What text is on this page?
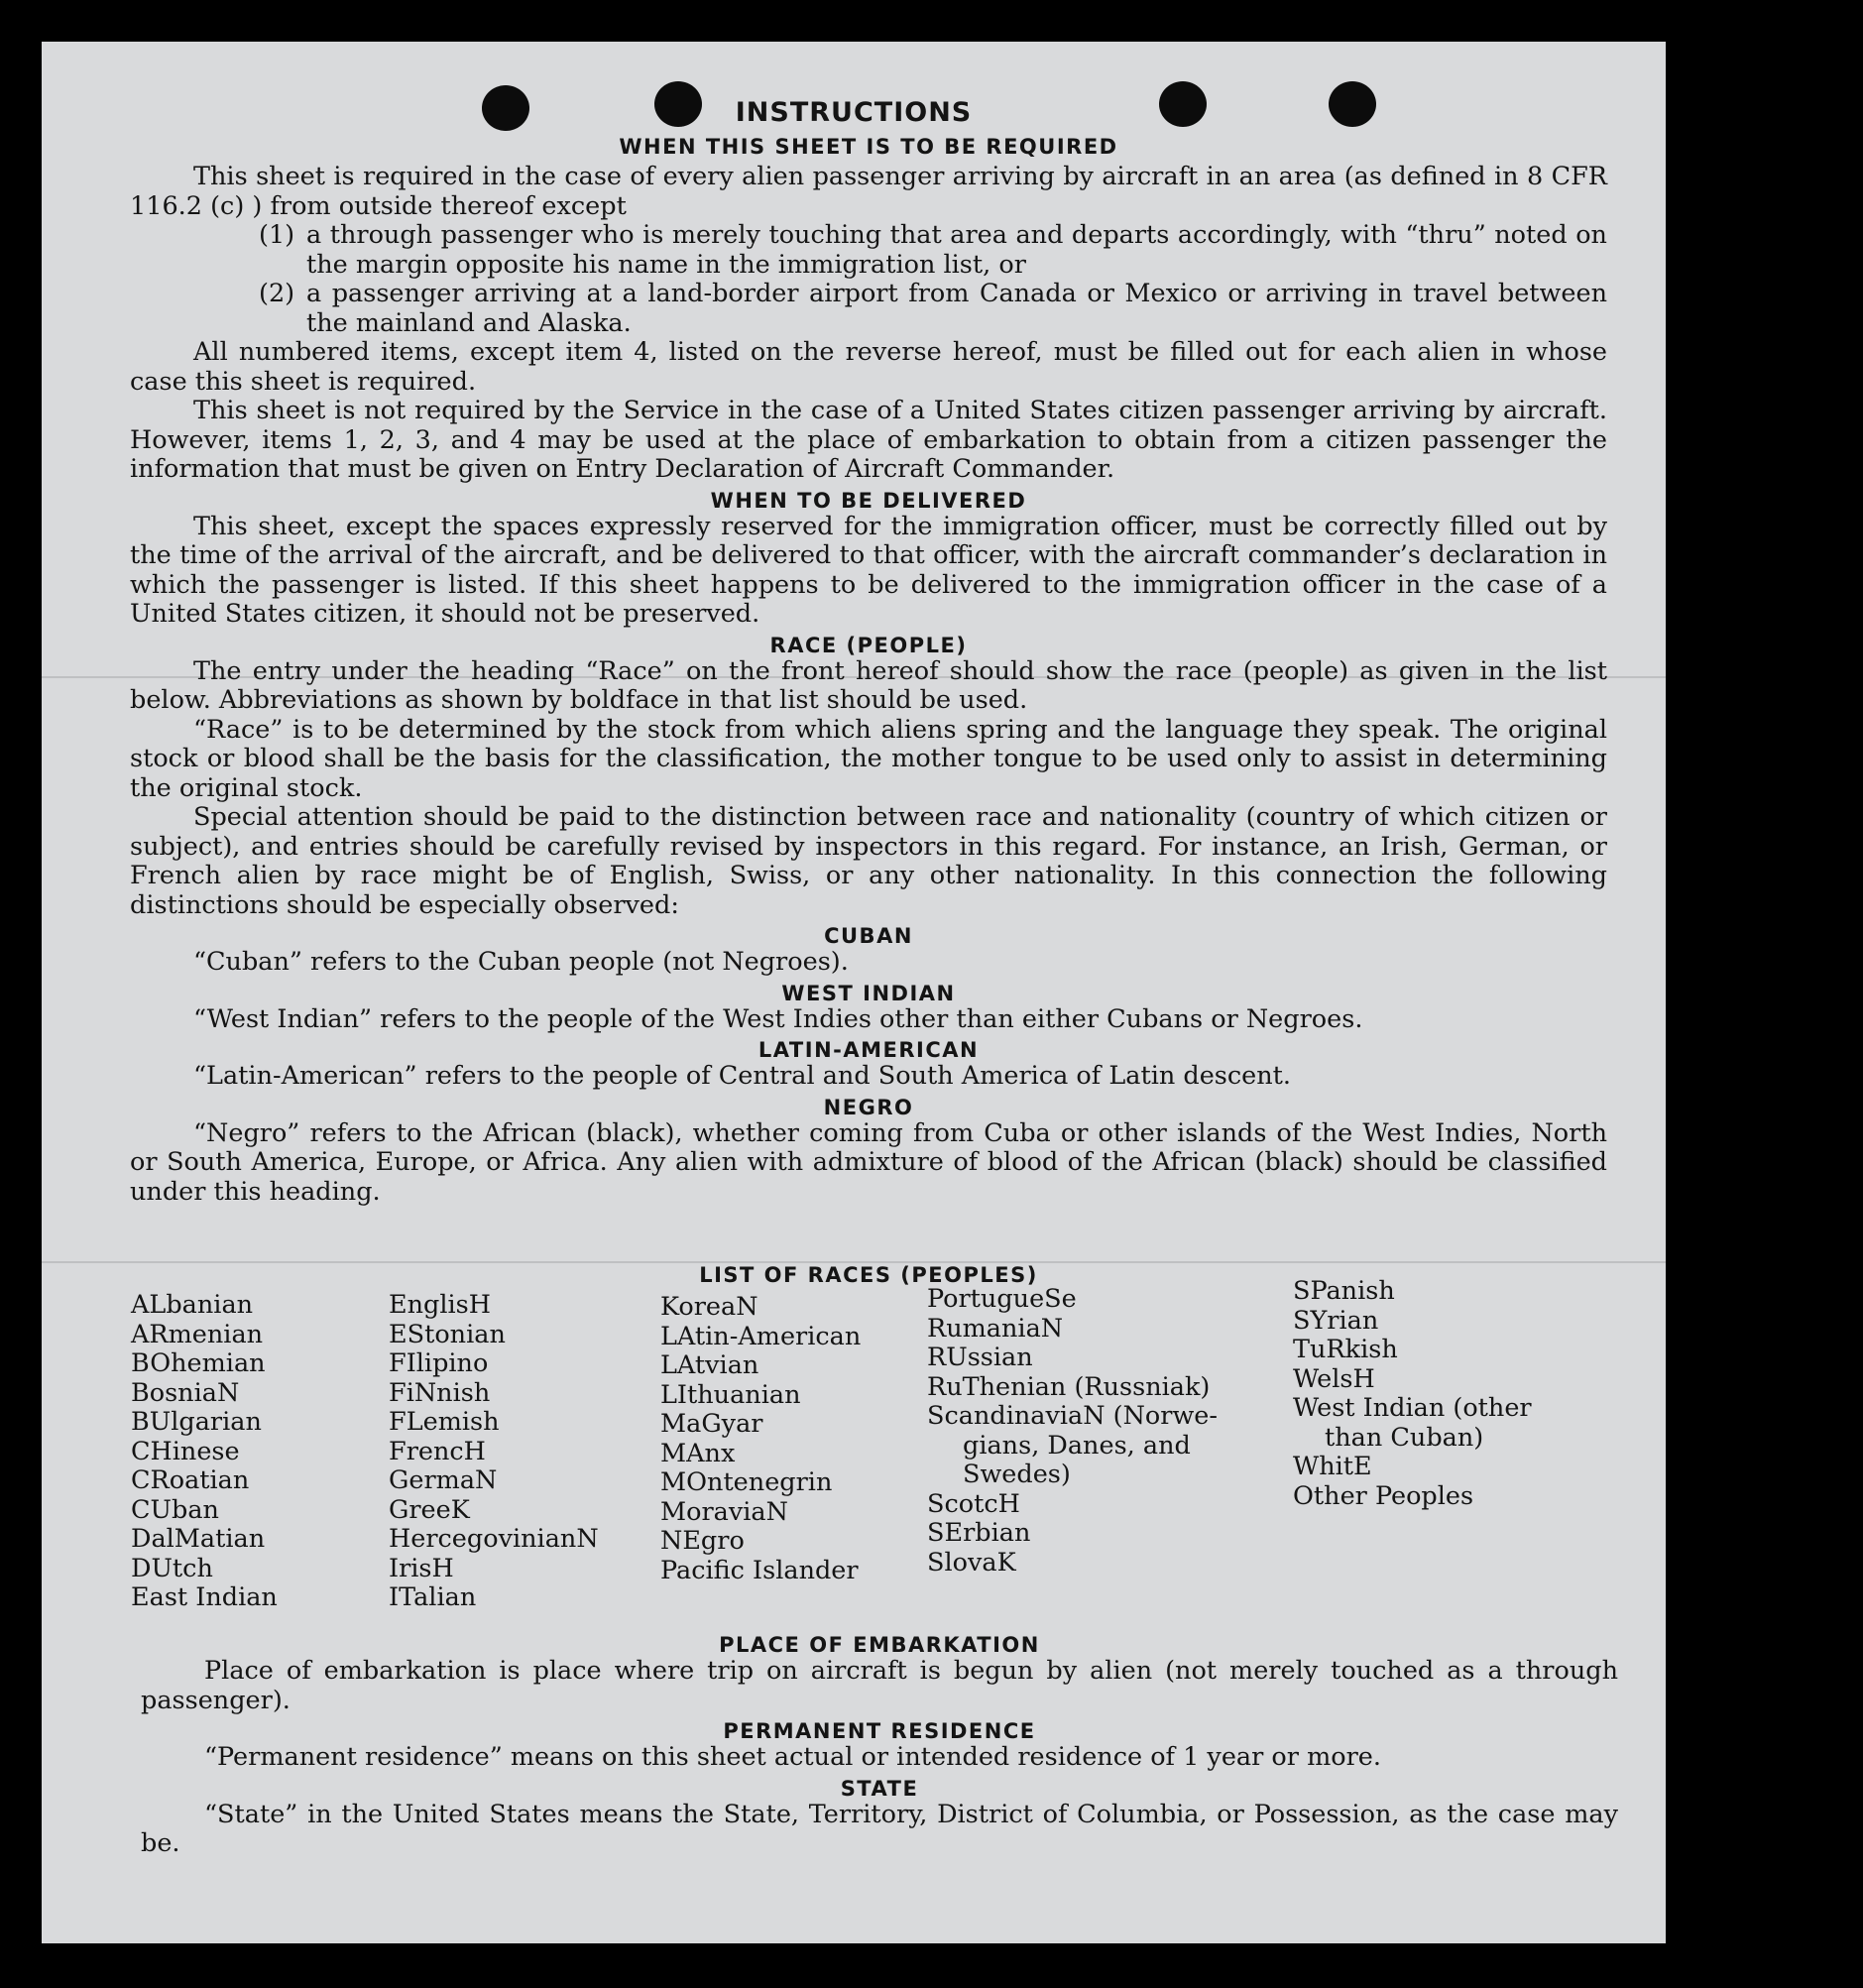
INSTRUCTIONS
WHEN THIS SHEET IS TO BE REQUIRED

This sheet is required in the case of every alien passenger arriving by aircraft in an area (as defined in 8 CFR 116.2 (c) ) from outside thereof except

(1) a through passenger who is merely touching that area and departs accordingly, with “thru” noted on the margin opposite his name in the immigration list, or
(2) a passenger arriving at a land-border airport from Canada or Mexico or arriving in travel between the mainland and Alaska.

All numbered items, except item 4, listed on the reverse hereof, must be filled out for each alien in whose case this sheet is required.

This sheet is not required by the Service in the case of a United States citizen passenger arriving by aircraft. However, items 1, 2, 3, and 4 may be used at the place of embarkation to obtain from a citizen passenger the information that must be given on Entry Declaration of Aircraft Commander.

WHEN TO BE DELIVERED

This sheet, except the spaces expressly reserved for the immigration officer, must be correctly filled out by the time of the arrival of the aircraft, and be delivered to that officer, with the aircraft commander’s declaration in which the passenger is listed. If this sheet happens to be delivered to the immigration officer in the case of a United States citizen, it should not be preserved.

RACE (PEOPLE)

The entry under the heading “Race” on the front hereof should show the race (people) as given in the list below. Abbreviations as shown by boldface in that list should be used.

“Race” is to be determined by the stock from which aliens spring and the language they speak. The original stock or blood shall be the basis for the classification, the mother tongue to be used only to assist in determining the original stock.

Special attention should be paid to the distinction between race and nationality (country of which citizen or subject), and entries should be carefully revised by inspectors in this regard. For instance, an Irish, German, or French alien by race might be of English, Swiss, or any other nationality. In this connection the following distinctions should be especially observed:

CUBAN

“Cuban” refers to the Cuban people (not Negroes).

WEST INDIAN

“West Indian” refers to the people of the West Indies other than either Cubans or Negroes.

LATIN-AMERICAN

“Latin-American” refers to the people of Central and South America of Latin descent.

NEGRO

“Negro” refers to the African (black), whether coming from Cuba or other islands of the West Indies, North or South America, Europe, or Africa. Any alien with admixture of blood of the African (black) should be classified under this heading.

LIST OF RACES (PEOPLES)
ALbanian
ARmenian
BOhemian
BosniaN
BUlgarian
CHinese
CRoatian
CUban
DalMatian
DUtch
East Indian
EnglisH
EStonian
FIlipino
FiNnish
FLemish
FrencH
GermaN
GreeK
HercegovinianN
IrisH
ITalian
KoreaN
LAtin-American
LAtvian
LIthuanian
MaGyar
MAnx
MOntenegrin
MoraviaN
NEgro
Pacific Islander
PortugueSe
RumaniaN
RUssian
RuThenian (Russniak)
ScandinaviaN (Norwe-
gians, Danes, and
Swedes)
ScotcH
SErbian
SlovaK
SPanish
SYrian
TuRkish
WelsH
West Indian (other
than Cuban)
WhitE
Other Peoples
PLACE OF EMBARKATION

Place of embarkation is place where trip on aircraft is begun by alien (not merely touched as a through passenger).

PERMANENT RESIDENCE

“Permanent residence” means on this sheet actual or intended residence of 1 year or more.

STATE

“State” in the United States means the State, Territory, District of Columbia, or Possession, as the case may be.
